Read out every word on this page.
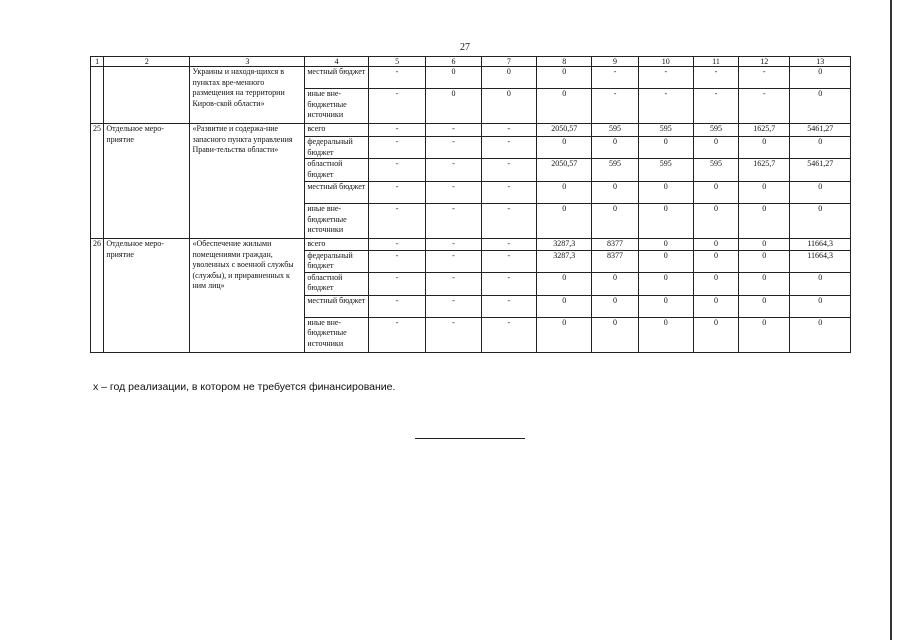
27
1	2	3	4	5	6	7	8	9	10	11	12	13
		Украины и находя-щихся в пунктах вре-менного размещения на территории Киров-ской области»	местный бюджет	-	0	0	0	-	-	-	-	0
			иные вне-бюджетные источники	-	0	0	0	-	-	-	-	0
25	Отдельное меро-приятие	«Развитие и содержа-ние запасного пункта управления Прави-тельства области»	всего	-	-	-	2050,57	595	595	595	1625,7	5461,27
			федеральный бюджет	-	-	-	0	0	0	0	0	0
			областной бюджет	-	-	-	2050,57	595	595	595	1625,7	5461,27
			местный бюджет	-	-	-	0	0	0	0	0	0
			иные вне-бюджетные источники	-	-	-	0	0	0	0	0	0
26	Отдельное меро-приятие	«Обеспечение жилыми помещениями граждан, уволенных с военной службы (службы), и приравненных к ним лиц»	всего	-	-	-	3287,3	8377	0	0	0	11664,3
			федеральный бюджет	-	-	-	3287,3	8377	0	0	0	11664,3
			областной бюджет	-	-	-	0	0	0	0	0	0
			местный бюджет	-	-	-	0	0	0	0	0	0
			иные вне-бюджетные источники	-	-	-	0	0	0	0	0	0
х – год реализации, в котором не требуется финансирование.
